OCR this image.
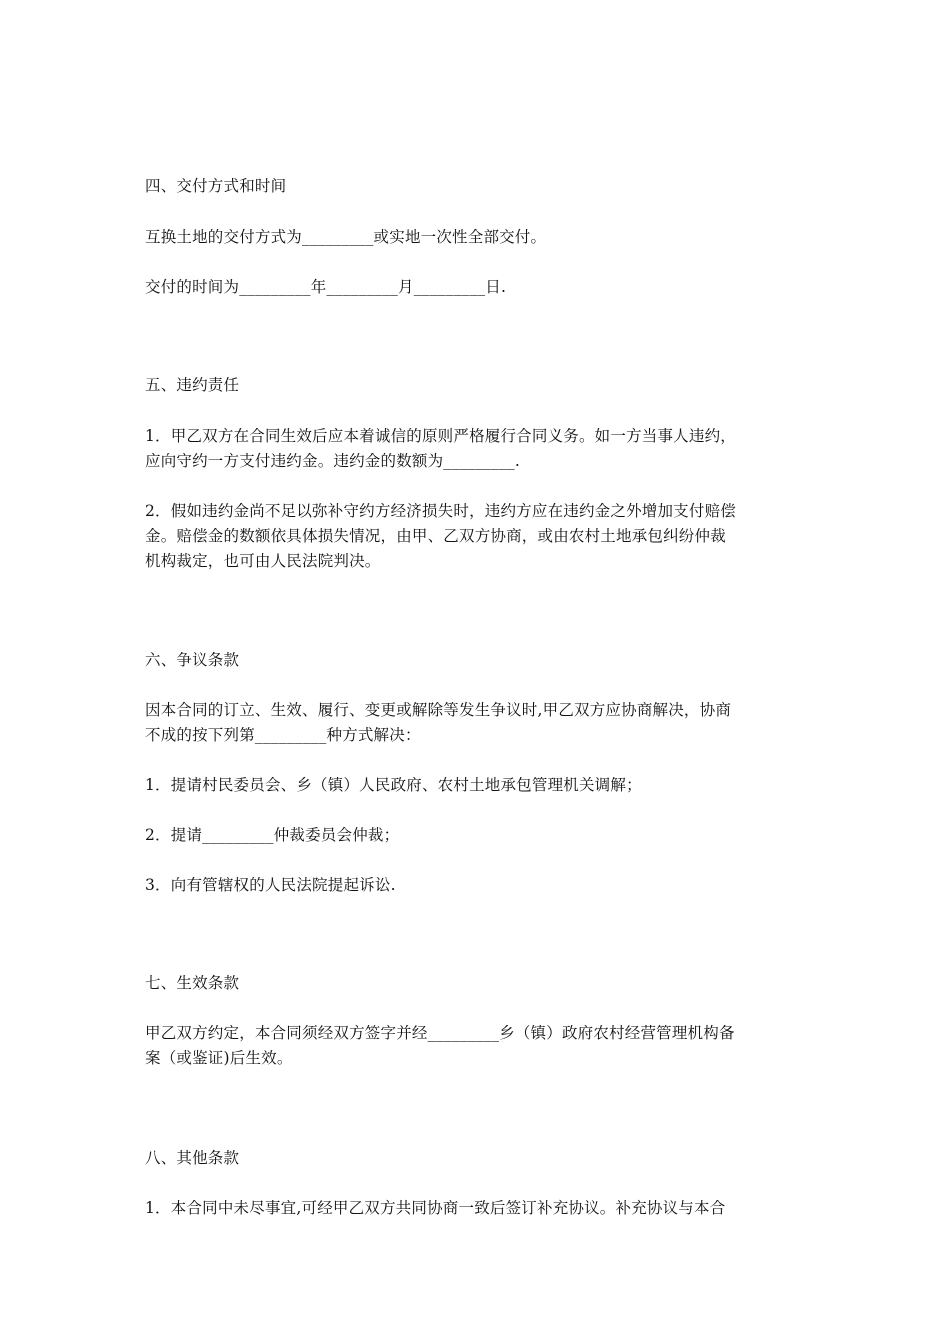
四、交付方式和时间
互换土地的交付方式为_________或实地一次性全部交付。
交付的时间为_________年_________月_________日.
五、违约责任
1．甲乙双方在合同生效后应本着诚信的原则严格履行合同义务。如一方当事人违约，
应向守约一方支付违约金。违约金的数额为_________.
2．假如违约金尚不足以弥补守约方经济损失时，违约方应在违约金之外增加支付赔偿
金。赔偿金的数额依具体损失情况，由甲、乙双方协商，或由农村土地承包纠纷仲裁
机构裁定，也可由人民法院判决。
六、争议条款
因本合同的订立、生效、履行、变更或解除等发生争议时,甲乙双方应协商解决，协商
不成的按下列第_________种方式解决：
1．提请村民委员会、乡（镇）人民政府、农村土地承包管理机关调解；
2．提请_________仲裁委员会仲裁；
3．向有管辖权的人民法院提起诉讼.
七、生效条款
甲乙双方约定，本合同须经双方签字并经_________乡（镇）政府农村经营管理机构备
案（或鉴证)后生效。
八、其他条款
1．本合同中未尽事宜,可经甲乙双方共同协商一致后签订补充协议。补充协议与本合
